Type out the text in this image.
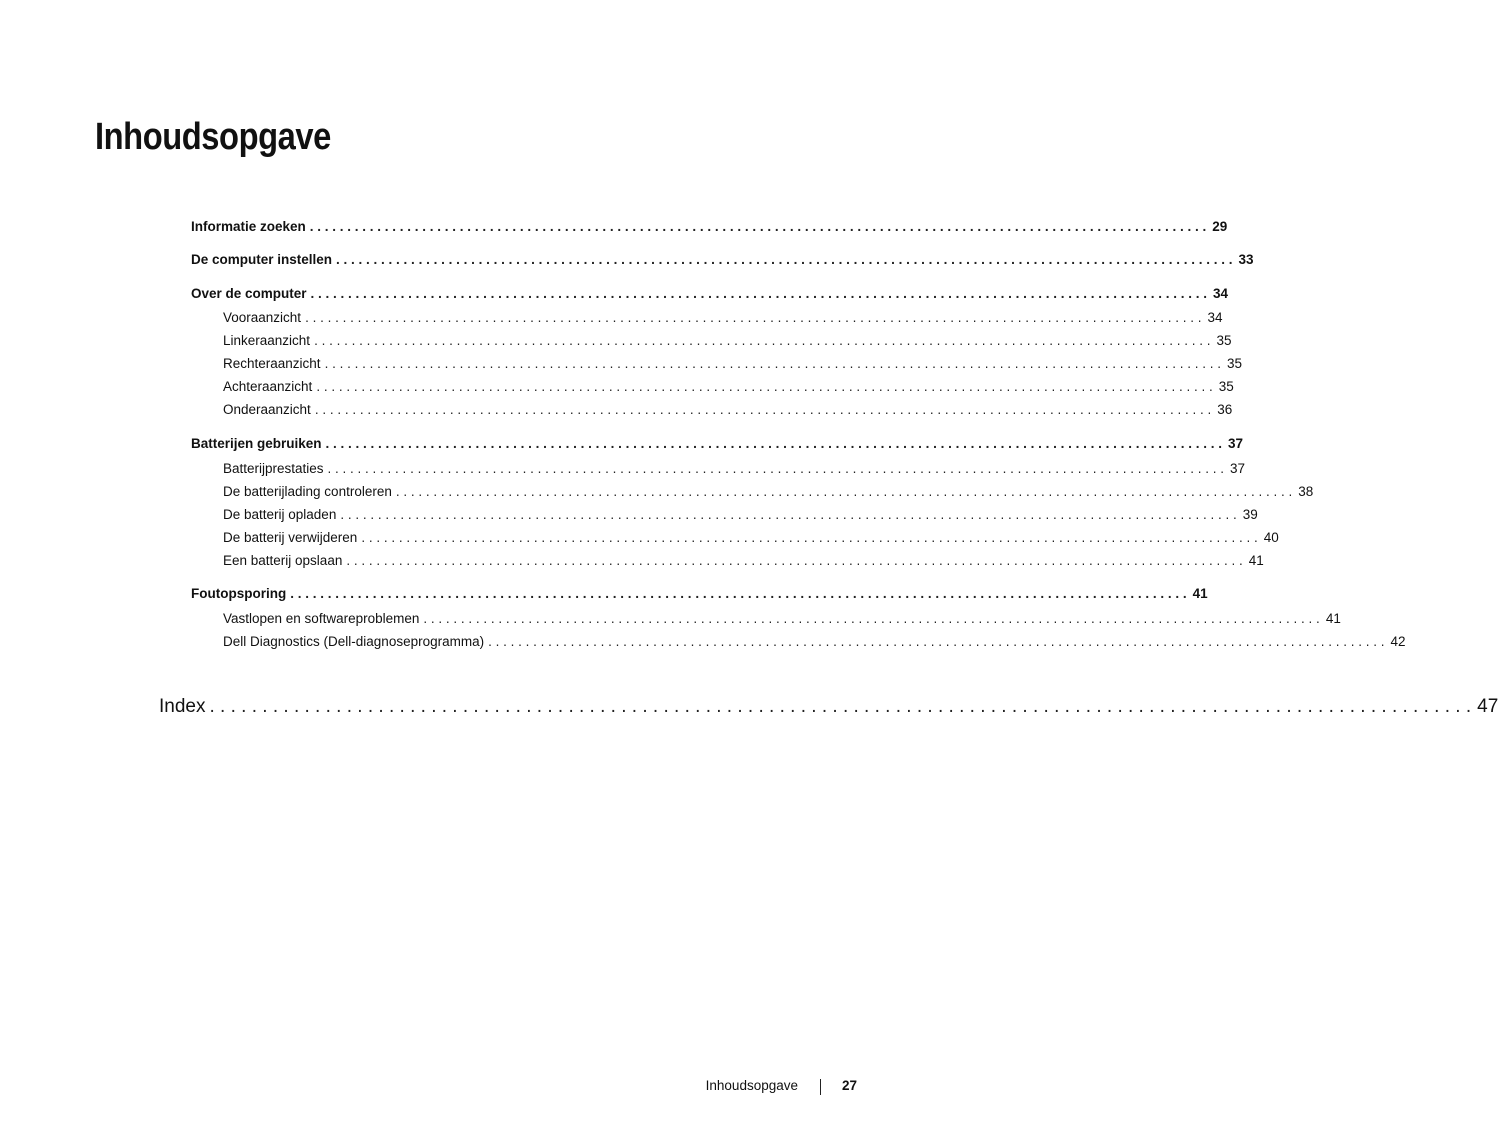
Inhoudsopgave
Informatie zoeken . . . . . . . . . . . . . . . . . . . . . . . . . . . . . . . . . . . . . . . . . . . . . . . . . . . . . . . . . . . . . . . . . . . . . . . . . . . . . . . . . . . . . . . . . . . . . . . . . . . . . . . . . . . . . . . . . . . . . . . . 29
De computer instellen . . . . . . . . . . . . . . . . . . . . . . . . . . . . . . . . . . . . . . . . . . . . . . . . . . . . . . . . . . . . . . . . . . . . . . . . . . . . . . . . . . . . . . . . . . . . . . . . . . . . . . . . . . . . . . . . . . . . . . . . 33
Over de computer . . . . . . . . . . . . . . . . . . . . . . . . . . . . . . . . . . . . . . . . . . . . . . . . . . . . . . . . . . . . . . . . . . . . . . . . . . . . . . . . . . . . . . . . . . . . . . . . . . . . . . . . . . . . . . . . . . . . . . . . 34
Vooraanzicht . . . . . . . . . . . . . . . . . . . . . . . . . . . . . . . . . . . . . . . . . . . . . . . . . . . . . . . . . . . . . . . . . . . . . . . . . . . . . . . . . . . . . . . . . . . . . . . . . . . . . . . . . . . . . . . . . . . . . . . . 34
Linkeraanzicht . . . . . . . . . . . . . . . . . . . . . . . . . . . . . . . . . . . . . . . . . . . . . . . . . . . . . . . . . . . . . . . . . . . . . . . . . . . . . . . . . . . . . . . . . . . . . . . . . . . . . . . . . . . . . . . . . . . . . . . . 35
Rechteraanzicht . . . . . . . . . . . . . . . . . . . . . . . . . . . . . . . . . . . . . . . . . . . . . . . . . . . . . . . . . . . . . . . . . . . . . . . . . . . . . . . . . . . . . . . . . . . . . . . . . . . . . . . . . . . . . . . . . . . . . . . . 35
Achteraanzicht . . . . . . . . . . . . . . . . . . . . . . . . . . . . . . . . . . . . . . . . . . . . . . . . . . . . . . . . . . . . . . . . . . . . . . . . . . . . . . . . . . . . . . . . . . . . . . . . . . . . . . . . . . . . . . . . . . . . . . . . 35
Onderaanzicht . . . . . . . . . . . . . . . . . . . . . . . . . . . . . . . . . . . . . . . . . . . . . . . . . . . . . . . . . . . . . . . . . . . . . . . . . . . . . . . . . . . . . . . . . . . . . . . . . . . . . . . . . . . . . . . . . . . . . . . . 36
Batterijen gebruiken . . . . . . . . . . . . . . . . . . . . . . . . . . . . . . . . . . . . . . . . . . . . . . . . . . . . . . . . . . . . . . . . . . . . . . . . . . . . . . . . . . . . . . . . . . . . . . . . . . . . . . . . . . . . . . . . . . . . . . . . 37
Batterijprestaties . . . . . . . . . . . . . . . . . . . . . . . . . . . . . . . . . . . . . . . . . . . . . . . . . . . . . . . . . . . . . . . . . . . . . . . . . . . . . . . . . . . . . . . . . . . . . . . . . . . . . . . . . . . . . . . . . . . . . . . . 37
De batterijlading controleren . . . . . . . . . . . . . . . . . . . . . . . . . . . . . . . . . . . . . . . . . . . . . . . . . . . . . . . . . . . . . . . . . . . . . . . . . . . . . . . . . . . . . . . . . . . . . . . . . . . . . . . . . . . . . . . . . . . . . . . . 38
De batterij opladen . . . . . . . . . . . . . . . . . . . . . . . . . . . . . . . . . . . . . . . . . . . . . . . . . . . . . . . . . . . . . . . . . . . . . . . . . . . . . . . . . . . . . . . . . . . . . . . . . . . . . . . . . . . . . . . . . . . . . . . . 39
De batterij verwijderen . . . . . . . . . . . . . . . . . . . . . . . . . . . . . . . . . . . . . . . . . . . . . . . . . . . . . . . . . . . . . . . . . . . . . . . . . . . . . . . . . . . . . . . . . . . . . . . . . . . . . . . . . . . . . . . . . . . . . . . . 40
Een batterij opslaan . . . . . . . . . . . . . . . . . . . . . . . . . . . . . . . . . . . . . . . . . . . . . . . . . . . . . . . . . . . . . . . . . . . . . . . . . . . . . . . . . . . . . . . . . . . . . . . . . . . . . . . . . . . . . . . . . . . . . . . . 41
Foutopsporing . . . . . . . . . . . . . . . . . . . . . . . . . . . . . . . . . . . . . . . . . . . . . . . . . . . . . . . . . . . . . . . . . . . . . . . . . . . . . . . . . . . . . . . . . . . . . . . . . . . . . . . . . . . . . . . . . . . . . . . . 41
Vastlopen en softwareproblemen . . . . . . . . . . . . . . . . . . . . . . . . . . . . . . . . . . . . . . . . . . . . . . . . . . . . . . . . . . . . . . . . . . . . . . . . . . . . . . . . . . . . . . . . . . . . . . . . . . . . . . . . . . . . . . . . . . . . . . . . 41
Dell Diagnostics (Dell-diagnoseprogramma) . . . . . . . . . . . . . . . . . . . . . . . . . . . . . . . . . . . . . . . . . . . . . . . . . . . . . . . . . . . . . . . . . . . . . . . . . . . . . . . . . . . . . . . . . . . . . . . . . . . . . . . . . . . . . . . . . . . . . . . . 42
Index . . . . . . . . . . . . . . . . . . . . . . . . . . . . . . . . . . . . . . . . . . . . . . . . . . . . . . . . . . . . . . . . . . . . . . . . . . . . . . . . . . . . . . . . . . . . . . . . . . . . . . . . . . . . . . . . . . . . . . . . 47
Inhoudsopgave	27
